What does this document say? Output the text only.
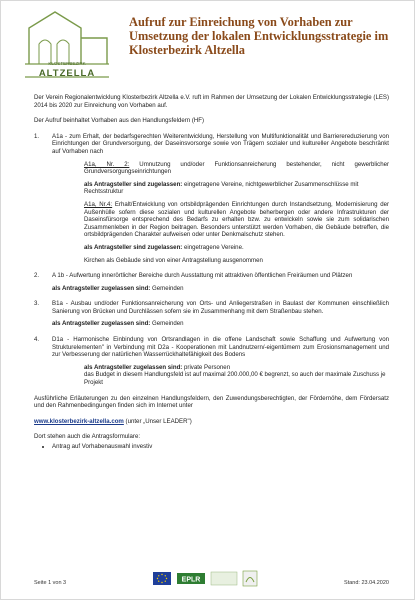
KLOSTERBEZIRK
ALTZELLA
Aufruf zur Einreichung von Vorhaben zur Umsetzung der lokalen Entwicklungsstrategie im Klosterbezirk Altzella

Der Verein Regionalentwicklung Klosterbezirk Altzella e.V. ruft im Rahmen der Umsetzung der Lokalen Entwicklungsstrategie (LES) 2014 bis 2020 zur Einreichung von Vorhaben auf.

Der Aufruf beinhaltet Vorhaben aus den Handlungsfeldern (HF)

1. A1a - zum Erhalt, der bedarfsgerechten Weiterentwicklung, Herstellung von Multifunktionalität und Barrierereduzierung von Einrichtungen der Grundversorgung, der Daseinsvorsorge sowie von Trägern sozialer und kultureller Angebote beschränkt auf Vorhaben nach

A1a, Nr. 2: Umnutzung und/oder Funktionsanreicherung bestehender, nicht gewerblicher Grundversorgungseinrichtungen

als Antragsteller sind zugelassen: eingetragene Vereine, nichtgewerblicher Zusammenschlüsse mit Rechtsstruktur

A1a, Nr.4: Erhalt/Entwicklung von ortsbildprägenden Einrichtungen durch Instandsetzung, Modernisierung der Außenhülle sofern diese sozialen und kulturellen Angebote beherbergen oder andere Infrastrukturen der Daseinsfürsorge entsprechend des Bedarfs zu erhalten bzw. zu entwickeln sowie sie zum solidarischen Zusammenleben in der Region beitragen. Besonders unterstützt werden Vorhaben, die Gebäude betreffen, die ortsbildprägenden Charakter aufweisen oder unter Denkmalschutz stehen.

als Antragsteller sind zugelassen: eingetragene Vereine.

Kirchen als Gebäude sind von einer Antragstellung ausgenommen

2. A 1b - Aufwertung innerörtlicher Bereiche durch Ausstattung mit attraktiven öffentlichen Freiräumen und Plätzen

als Antragsteller zugelassen sind: Gemeinden

3. B1a - Ausbau und/oder Funktionsanreicherung von Orts- und Anliegerstraßen in Baulast der Kommunen einschließlich Sanierung von Brücken und Durchlässen sofern sie im Zusammenhang mit dem Straßenbau stehen.

als Antragsteller zugelassen sind: Gemeinden

4. D1a - Harmonische Einbindung von Ortsrandlagen in die offene Landschaft sowie Schaffung und Aufwertung von Strukturelementen" in Verbindung mit D2a - Kooperationen mit Landnutzern/-eigentümern zum Erosionsmanagement und zur Verbesserung der natürlichen Wasserrückhaltefähigkeit des Bodens

als Antragsteller zugelassen sind: private Personen

das Budget in diesem Handlungsfeld ist auf maximal 200.000,00 € begrenzt, so auch der maximale Zuschuss je Projekt

Ausführliche Erläuterungen zu den einzelnen Handlungsfeldern, den Zuwendungsberechtigten, der Fördernöhe, dem Fördersatz und den Rahmenbedingungen finden sich im Internet unter

www.klosterbezirk-altzella.com (unter „Unser LEADER")

Dort stehen auch die Antragsformulare:

• Antrag auf Vorhabenauswahl investiv
EPLR
Seite 1 von 3	Stand: 23.04.2020
